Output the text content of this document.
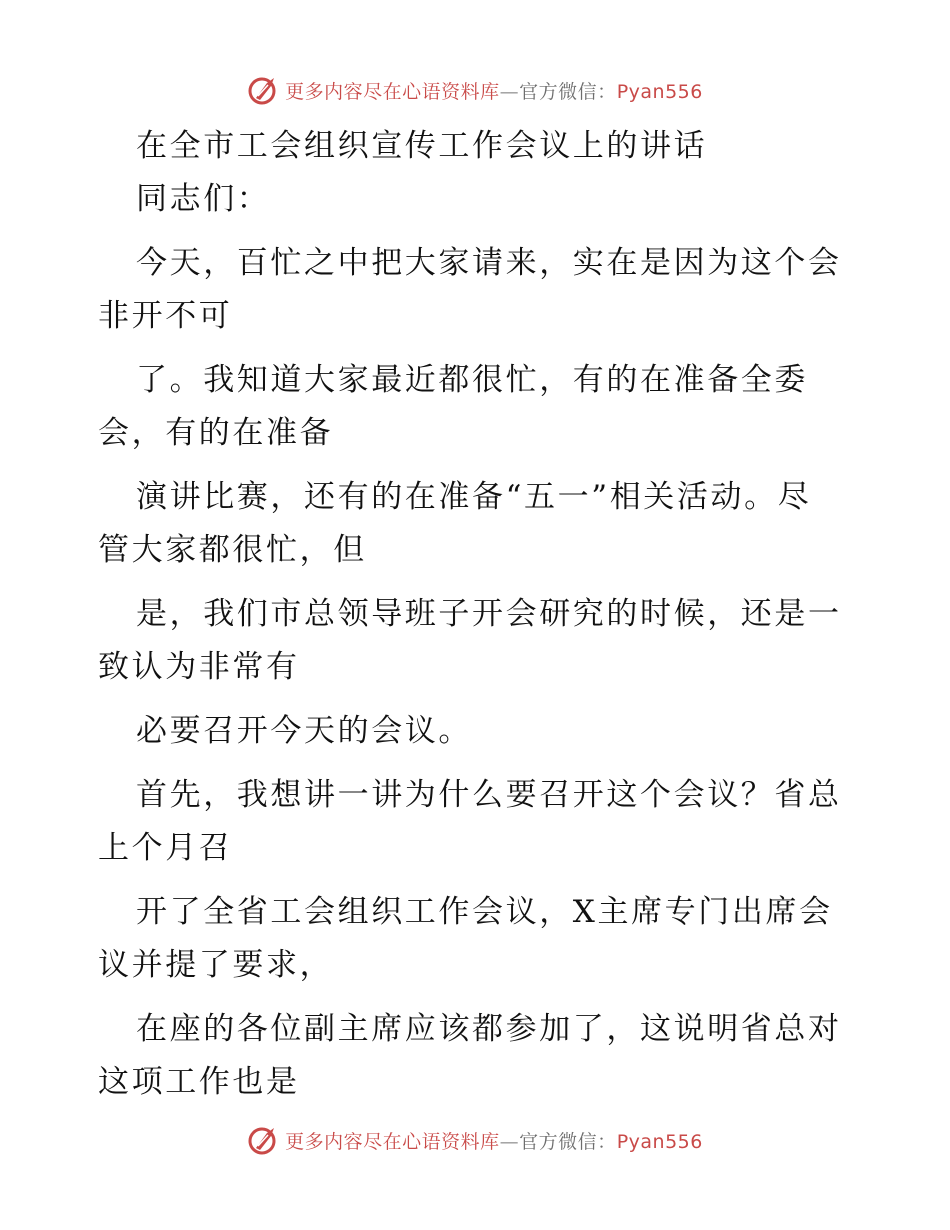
更多内容尽在心语资料库—官方微信：Pyan556
在全市工会组织宣传工作会议上的讲话
同志们：
今天，百忙之中把大家请来，实在是因为这个会
非开不可
了。我知道大家最近都很忙，有的在准备全委
会，有的在准备
演讲比赛，还有的在准备“五一”相关活动。尽
管大家都很忙，但
是，我们市总领导班子开会研究的时候，还是一
致认为非常有
必要召开今天的会议。
首先，我想讲一讲为什么要召开这个会议？省总
上个月召
开了全省工会组织工作会议，X主席专门出席会
议并提了要求，
在座的各位副主席应该都参加了，这说明省总对
这项工作也是
更多内容尽在心语资料库—官方微信：Pyan556
